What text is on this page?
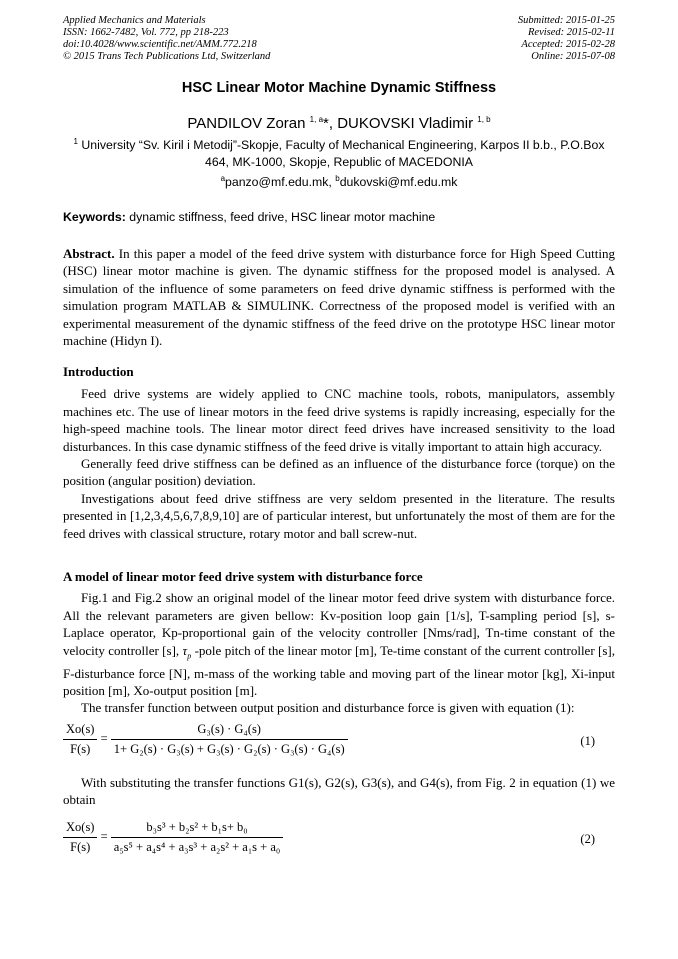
Applied Mechanics and Materials
ISSN: 1662-7482, Vol. 772, pp 218-223
doi:10.4028/www.scientific.net/AMM.772.218
© 2015 Trans Tech Publications Ltd, Switzerland
Submitted: 2015-01-25
Revised: 2015-02-11
Accepted: 2015-02-28
Online: 2015-07-08
HSC Linear Motor Machine Dynamic Stiffness
PANDILOV Zoran $^{1, a}$*, DUKOVSKI Vladimir $^{1, b}$
$^1$ University “Sv. Kiril i Metodij”-Skopje, Faculty of Mechanical Engineering, Karpos II b.b., P.O.Box
464, MK-1000, Skopje, Republic of MACEDONIA
$^a$panzo@mf.edu.mk, $^b$dukovski@mf.edu.mk
Keywords: dynamic stiffness, feed drive, HSC linear motor machine

Abstract. In this paper a model of the feed drive system with disturbance force for High Speed Cutting (HSC) linear motor machine is given. The dynamic stiffness for the proposed model is analysed. A simulation of the influence of some parameters on feed drive dynamic stiffness is performed with the simulation program MATLAB & SIMULINK. Correctness of the proposed model is verified with an experimental measurement of the dynamic stiffness of the feed drive on the prototype HSC linear motor machine (Hidyn I).

Introduction

Feed drive systems are widely applied to CNC machine tools, robots, manipulators, assembly machines etc. The use of linear motors in the feed drive systems is rapidly increasing, especially for the high-speed machine tools. The linear motor direct feed drives have increased sensitivity to the load disturbances. In this case dynamic stiffness of the feed drive is vitally important to attain high accuracy.

Generally feed drive stiffness can be defined as an influence of the disturbance force (torque) on the position (angular position) deviation.

Investigations about feed drive stiffness are very seldom presented in the literature. The results presented in [1,2,3,4,5,6,7,8,9,10] are of particular interest, but unfortunately the most of them are for the feed drives with classical structure, rotary motor and ball screw-nut.

A model of linear motor feed drive system with disturbance force

Fig.1 and Fig.2 show an original model of the linear motor feed drive system with disturbance force. All the relevant parameters are given bellow: Kv-position loop gain [1/s], T-sampling period [s], s-Laplace operator, Kp-proportional gain of the velocity controller [Nms/rad], Tn-time constant of the velocity controller [s], $\tau_p$ -pole pitch of the linear motor [m], Te-time constant of the current controller [s], F-disturbance force [N], m-mass of the working table and moving part of the linear motor [kg], Xi-input position [m], Xo-output position [m].

The transfer function between output position and disturbance force is given with equation (1):

$\frac{Xo(s)}{F(s)} = \frac{\text{G₃(s) · G₄(s)}}{\text{1+ G₂(s) · G₃(s) + G₃(s) · G₂(s) · G₃(s) · G₄(s)}}$	(1)

With substituting the transfer functions G1(s), G2(s), G3(s), and G4(s), from Fig. 2 in equation (1) we obtain

$\frac{Xo(s)}{F(s)} = \frac{\text{b₃s³ + b₂s² + b₁s+ b₀}}{\text{a₅s⁵ + a₄s⁴ + a₃s³ + a₂s² + a₁s + a₀}}$	(2)
